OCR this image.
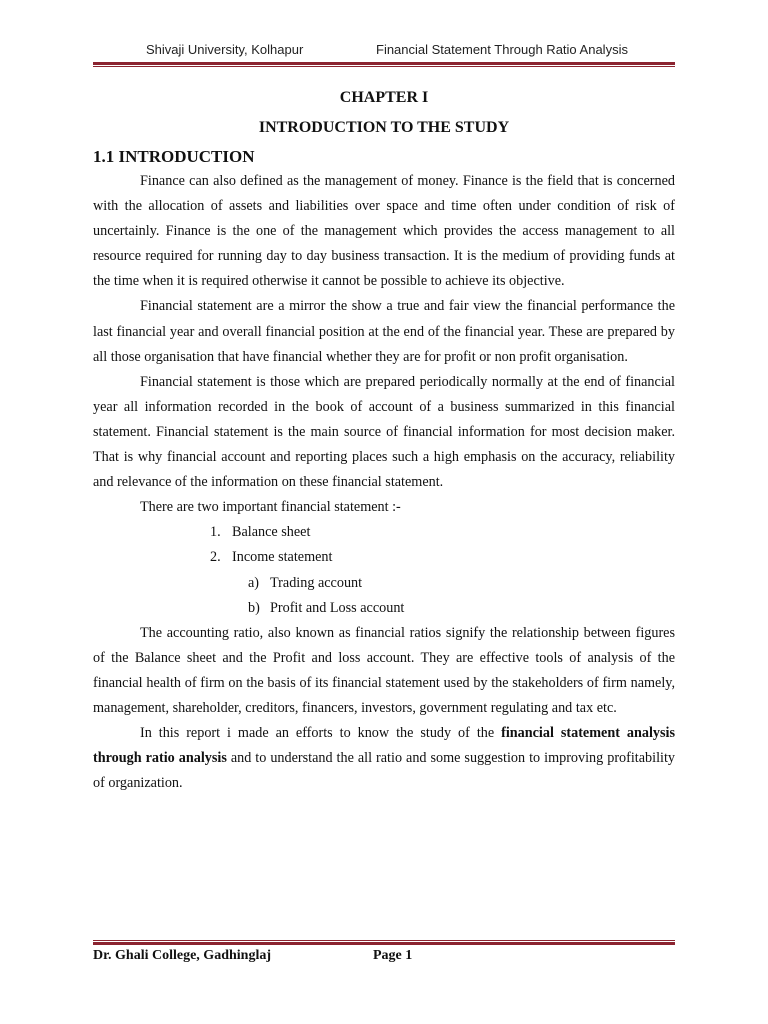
Shivaji University, Kolhapur	Financial Statement Through Ratio Analysis
CHAPTER I
INTRODUCTION TO THE STUDY
1.1 INTRODUCTION

Finance can also defined as the management of money. Finance is the field that is concerned with the allocation of assets and liabilities over space and time often under condition of risk of uncertainly. Finance is the one of the management which provides the access management to all resource required for running day to day business transaction. It is the medium of providing funds at the time when it is required otherwise it cannot be possible to achieve its objective.

Financial statement are a mirror the show a true and fair view the financial performance the last financial year and overall financial position at the end of the financial year. These are prepared by all those organisation that have financial whether they are for profit or non profit organisation.

Financial statement is those which are prepared periodically normally at the end of financial year all information recorded in the book of account of a business summarized in this financial statement. Financial statement is the main source of financial information for most decision maker. That is why financial account and reporting places such a high emphasis on the accuracy, reliability and relevance of the information on these financial statement.

There are two important financial statement :-

1. Balance sheet
2. Income statement
a) Trading account
b) Profit and Loss account

The accounting ratio, also known as financial ratios signify the relationship between figures of the Balance sheet and the Profit and loss account. They are effective tools of analysis of the financial health of firm on the basis of its financial statement used by the stakeholders of firm namely, management, shareholder, creditors, financers, investors, government regulating and tax etc.

In this report i made an efforts to know the study of the financial statement analysis through ratio analysis and to understand the all ratio and some suggestion to improving profitability of organization.

Dr. Ghali College, Gadhinglaj	Page 1
